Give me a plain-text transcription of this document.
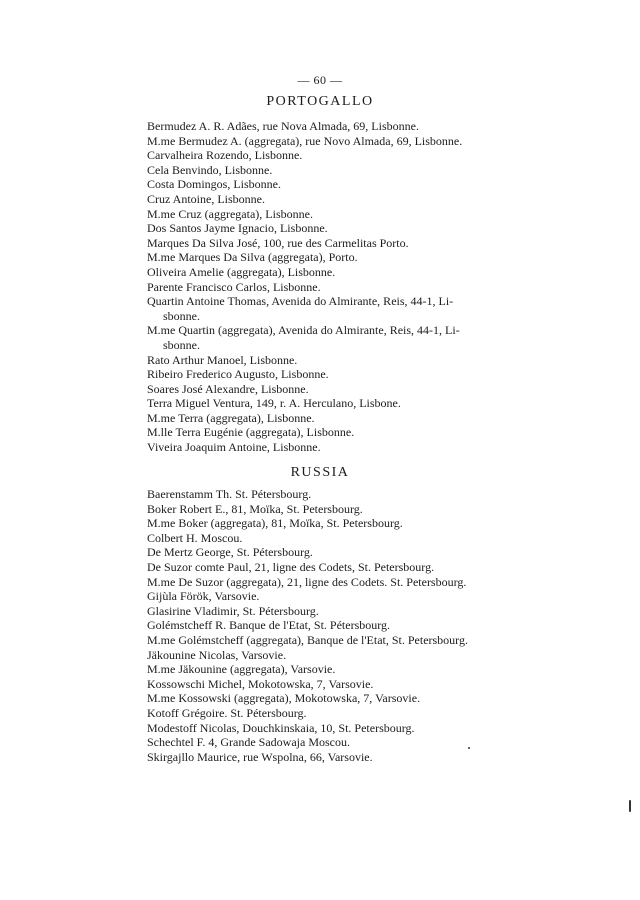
— 60 —
PORTOGALLO
Bermudez A. R. Adães, rue Nova Almada, 69, Lisbonne.
M.me Bermudez A. (aggregata), rue Novo Almada, 69, Lisbonne.
Carvalheira Rozendo, Lisbonne.
Cela Benvindo, Lisbonne.
Costa Domingos, Lisbonne.
Cruz Antoine, Lisbonne.
M.me Cruz (aggregata), Lisbonne.
Dos Santos Jayme Ignacio, Lisbonne.
Marques Da Silva José, 100, rue des Carmelitas Porto.
M.me Marques Da Silva (aggregata), Porto.
Oliveira Amelie (aggregata), Lisbonne.
Parente Francisco Carlos, Lisbonne.
Quartin Antoine Thomas, Avenida do Almirante, Reis, 44-1, Li-
sbonne.
M.me Quartin (aggregata), Avenida do Almirante, Reis, 44-1, Li-
sbonne.
Rato Arthur Manoel, Lisbonne.
Ribeiro Frederico Augusto, Lisbonne.
Soares José Alexandre, Lisbonne.
Terra Miguel Ventura, 149, r. A. Herculano, Lisbone.
M.me Terra (aggregata), Lisbonne.
M.lle Terra Eugénie (aggregata), Lisbonne.
Viveira Joaquim Antoine, Lisbonne.
RUSSIA
Baerenstamm Th. St. Pétersbourg.
Boker Robert E., 81, Moïka, St. Petersbourg.
M.me Boker (aggregata), 81, Moïka, St. Petersbourg.
Colbert H. Moscou.
De Mertz George, St. Pétersbourg.
De Suzor comte Paul, 21, ligne des Codets, St. Petersbourg.
M.me De Suzor (aggregata), 21, ligne des Codets. St. Petersbourg.
Gijùla Förök, Varsovie.
Glasirine Vladimir, St. Pétersbourg.
Golémstcheff R. Banque de l'Etat, St. Pétersbourg.
M.me Golémstcheff (aggregata), Banque de l'Etat, St. Petersbourg.
Jäkounine Nicolas, Varsovie.
M.me Jäkounine (aggregata), Varsovie.
Kossowschi Michel, Mokotowska, 7, Varsovie.
M.me Kossowski (aggregata), Mokotowska, 7, Varsovie.
Kotoff Grégoire. St. Pétersbourg.
Modestoff Nicolas, Douchkinskaia, 10, St. Petersbourg.
Schechtel F. 4, Grande Sadowaja Moscou.
Skirgajllo Maurice, rue Wspolna, 66, Varsovie.
